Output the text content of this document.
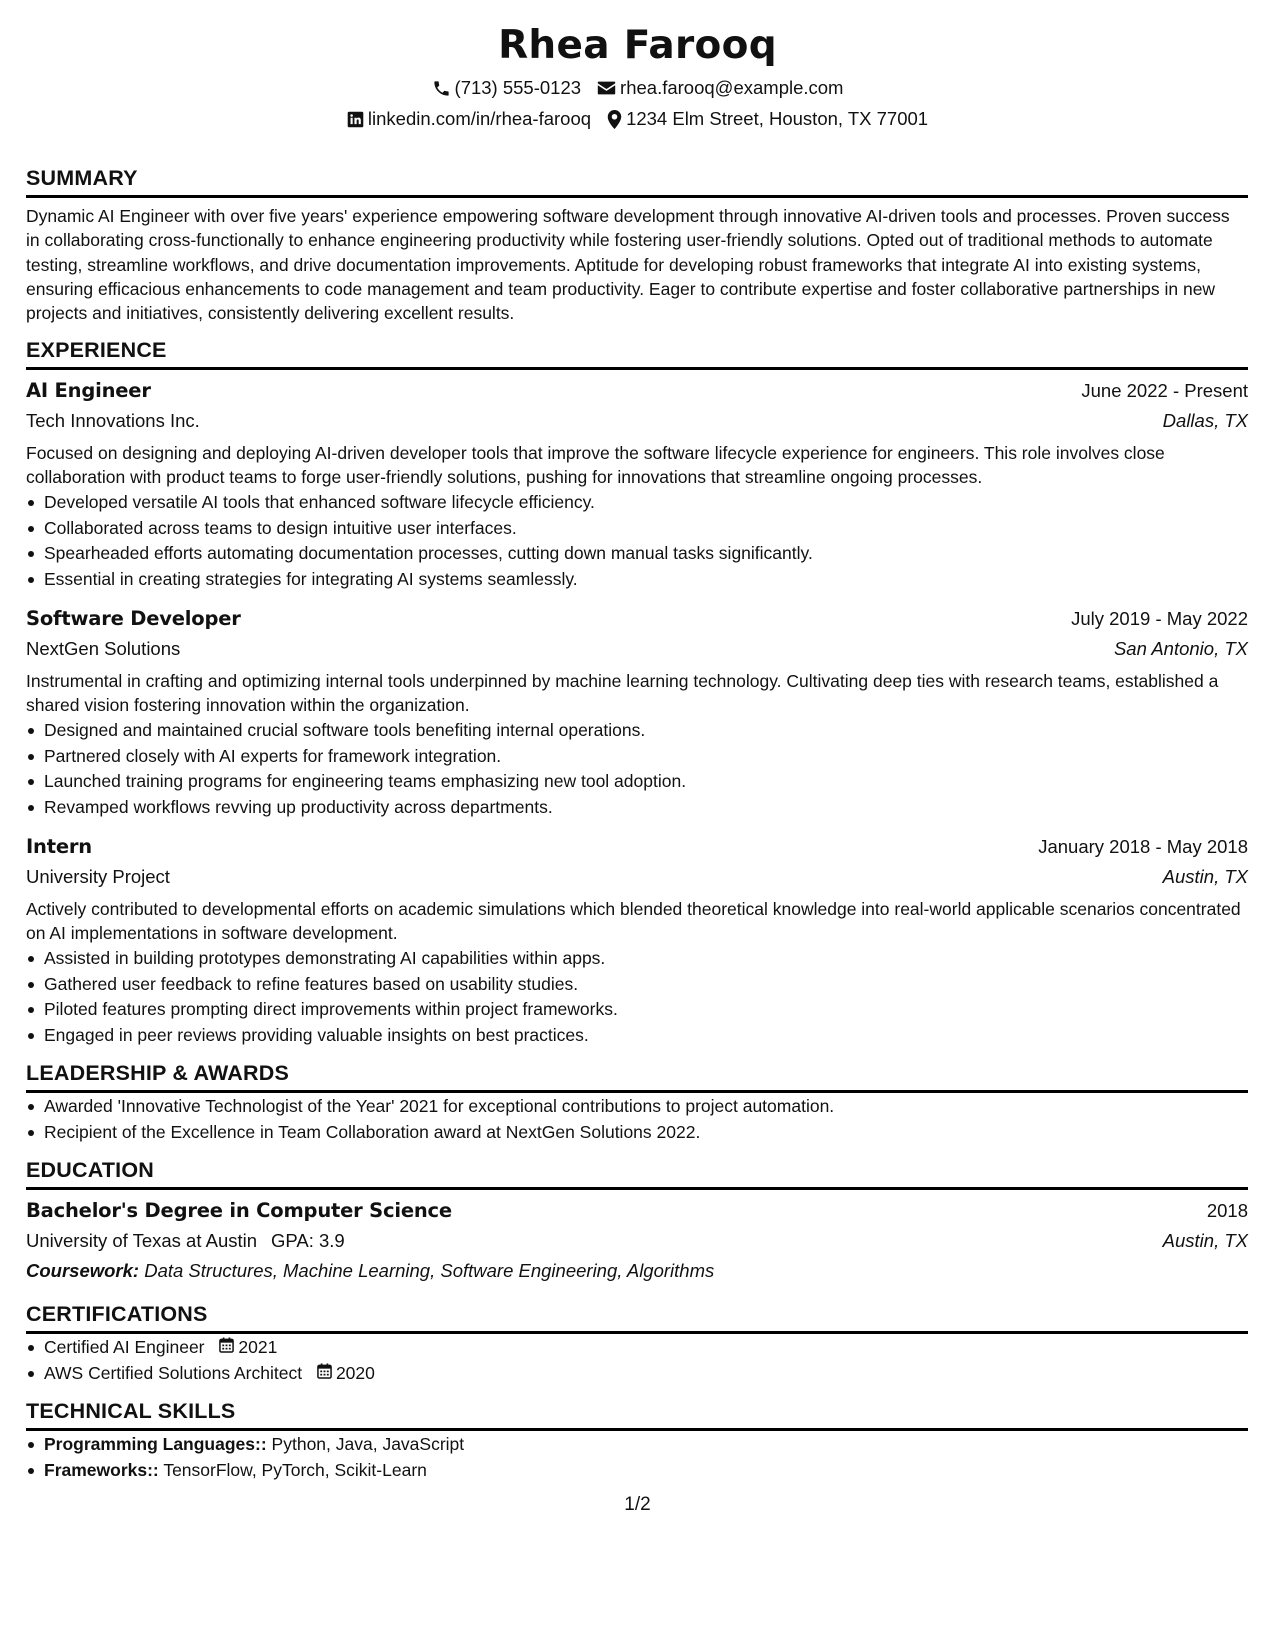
Rhea Farooq
(713) 555-0123 rhea.farooq@example.com
linkedin.com/in/rhea-farooq 1234 Elm Street, Houston, TX 77001
SUMMARY

Dynamic AI Engineer with over five years' experience empowering software development through innovative AI-driven tools and processes. Proven success in collaborating cross-functionally to enhance engineering productivity while fostering user-friendly solutions. Opted out of traditional methods to automate testing, streamline workflows, and drive documentation improvements. Aptitude for developing robust frameworks that integrate AI into existing systems, ensuring efficacious enhancements to code management and team productivity. Eager to contribute expertise and foster collaborative partnerships in new projects and initiatives, consistently delivering excellent results.

EXPERIENCE
AI Engineer	June 2022 - Present
Tech Innovations Inc.	Dallas, TX

Focused on designing and deploying AI-driven developer tools that improve the software lifecycle experience for engineers. This role involves close collaboration with product teams to forge user-friendly solutions, pushing for innovations that streamline ongoing processes.

Developed versatile AI tools that enhanced software lifecycle efficiency.
Collaborated across teams to design intuitive user interfaces.
Spearheaded efforts automating documentation processes, cutting down manual tasks significantly.
Essential in creating strategies for integrating AI systems seamlessly.
Software Developer	July 2019 - May 2022
NextGen Solutions	San Antonio, TX

Instrumental in crafting and optimizing internal tools underpinned by machine learning technology. Cultivating deep ties with research teams, established a shared vision fostering innovation within the organization.

Designed and maintained crucial software tools benefiting internal operations.
Partnered closely with AI experts for framework integration.
Launched training programs for engineering teams emphasizing new tool adoption.
Revamped workflows revving up productivity across departments.
Intern	January 2018 - May 2018
University Project	Austin, TX

Actively contributed to developmental efforts on academic simulations which blended theoretical knowledge into real-world applicable scenarios concentrated on AI implementations in software development.

Assisted in building prototypes demonstrating AI capabilities within apps.
Gathered user feedback to refine features based on usability studies.
Piloted features prompting direct improvements within project frameworks.
Engaged in peer reviews providing valuable insights on best practices.
LEADERSHIP & AWARDS
Awarded 'Innovative Technologist of the Year' 2021 for exceptional contributions to project automation.
Recipient of the Excellence in Team Collaboration award at NextGen Solutions 2022.
EDUCATION
Bachelor's Degree in Computer Science	2018
University of Texas at Austin GPA: 3.9	Austin, TX
Coursework: Data Structures, Machine Learning, Software Engineering, Algorithms
CERTIFICATIONS
Certified AI Engineer 2021
AWS Certified Solutions Architect 2020
TECHNICAL SKILLS
Programming Languages:: Python, Java, JavaScript
Frameworks:: TensorFlow, PyTorch, Scikit-Learn
1/2
